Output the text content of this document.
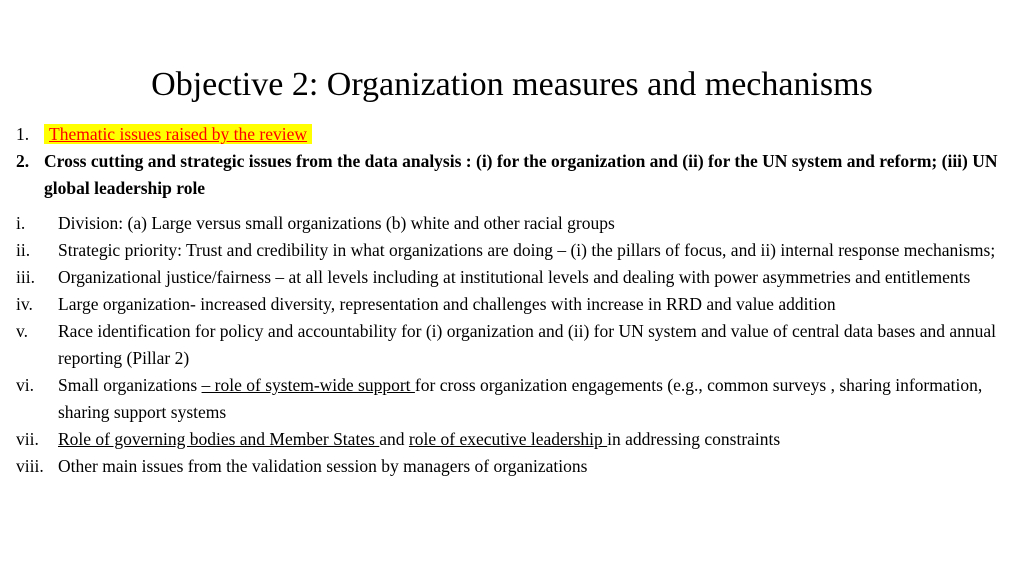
Objective 2: Organization measures and mechanisms
1. Thematic issues raised by the review
2. Cross cutting and strategic issues from the data analysis : (i) for the organization and (ii) for the UN system and reform; (iii) UN global leadership role
i. Division: (a) Large versus small organizations (b) white and other racial groups
ii. Strategic priority: Trust and credibility in what organizations are doing – (i) the pillars of focus, and ii) internal response mechanisms;
iii. Organizational justice/fairness – at all levels including at institutional levels and dealing with power asymmetries and entitlements
iv. Large organization- increased diversity, representation and challenges with increase in RRD and value addition
v. Race identification for policy and accountability for (i) organization and (ii) for UN system and value of central data bases and annual reporting (Pillar 2)
vi. Small organizations – role of system-wide support for cross organization engagements (e.g., common surveys , sharing information, sharing support systems
vii. Role of governing bodies and Member States and role of executive leadership in addressing constraints
viii. Other main issues from the validation session by managers of organizations
